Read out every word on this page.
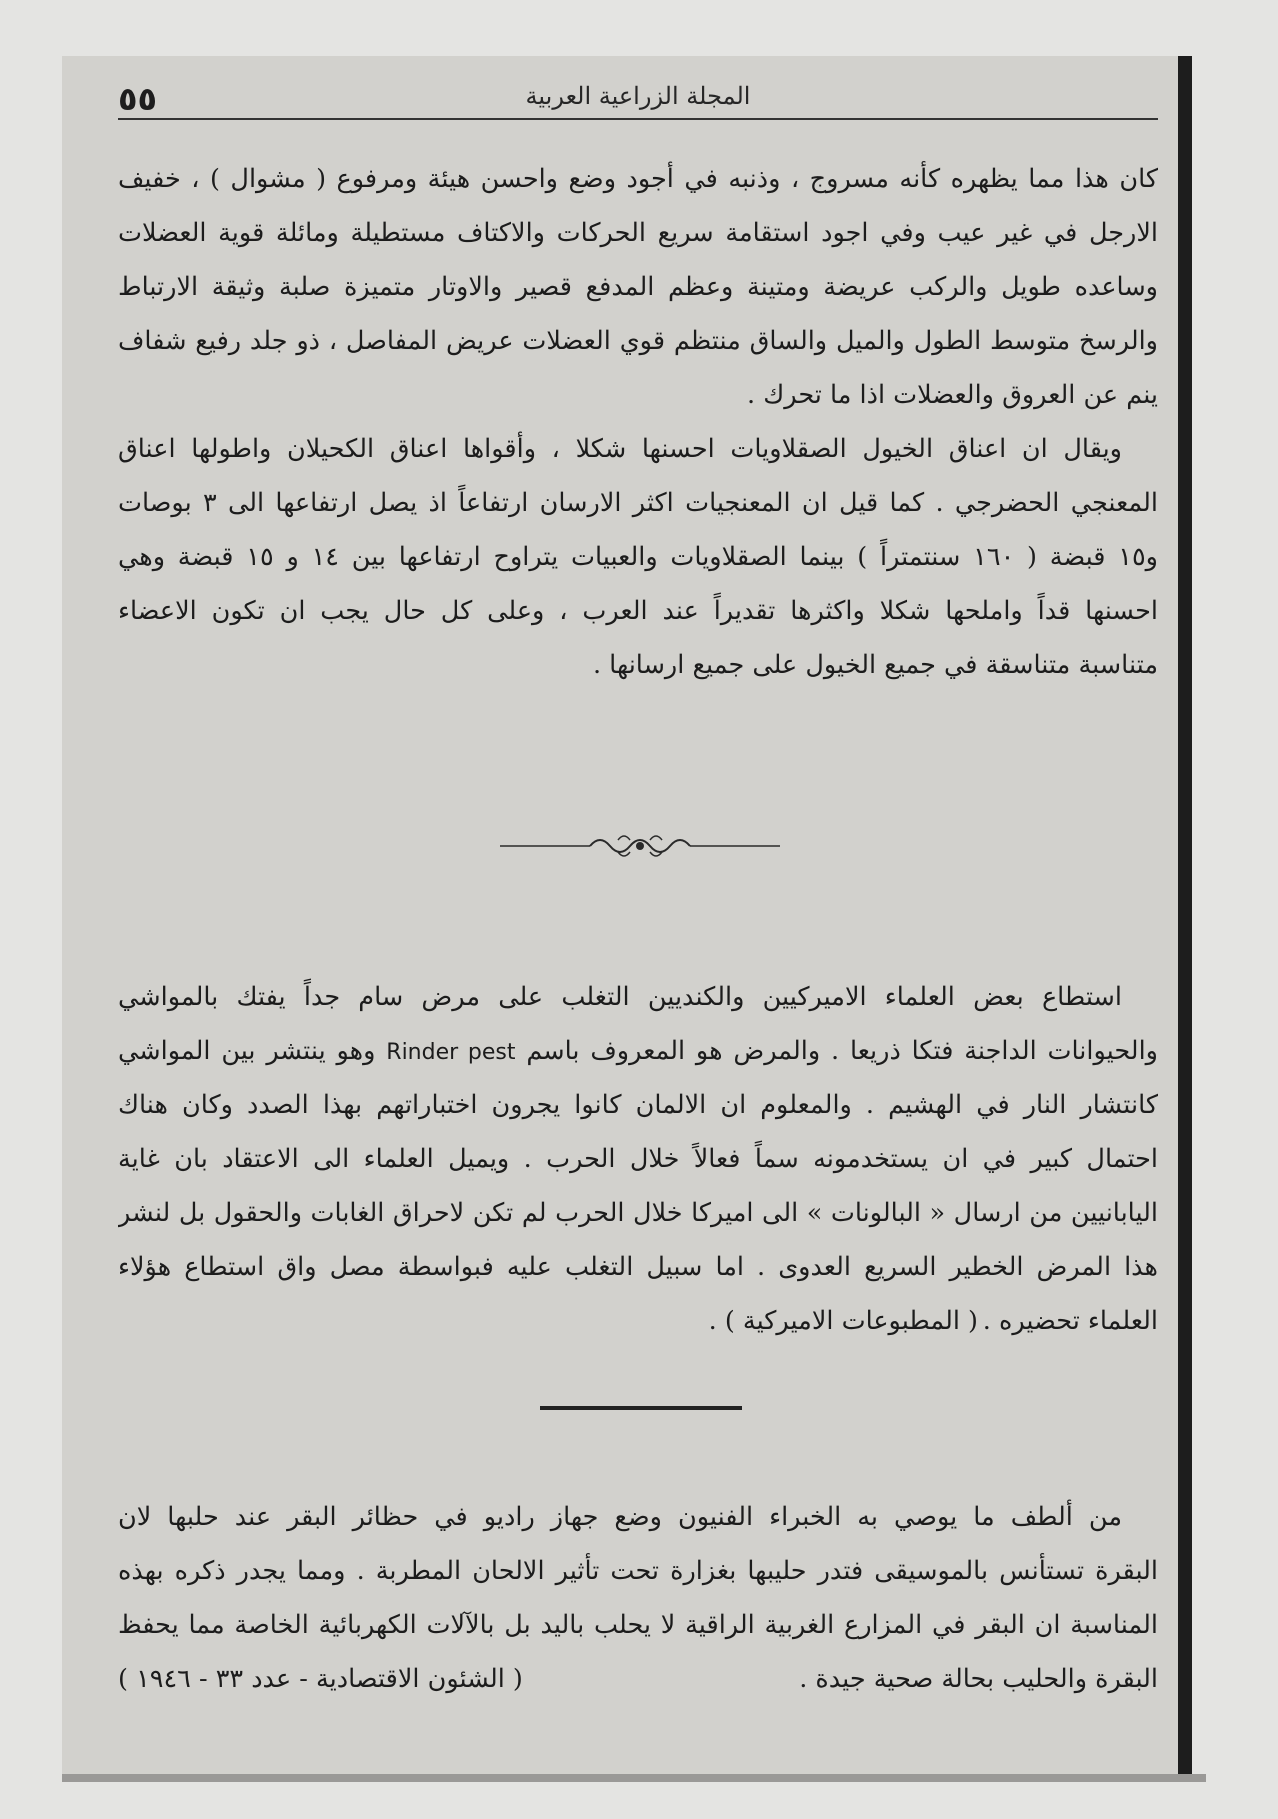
٥٥	المجلة الزراعية العربية
كان هذا مما يظهره كأنه مسروج ، وذنبه في أجود وضع واحسن هيئة ومرفوع ( مشوال ) ، خفيف
الارجل في غير عيب وفي اجود استقامة سريع الحركات والاكتاف مستطيلة ومائلة قوية العضلات
وساعده طويل والركب عريضة ومتينة وعظم المدفع قصير والاوتار متميزة صلبة وثيقة الارتباط
والرسخ متوسط الطول والميل والساق منتظم قوي العضلات عريض المفاصل ، ذو جلد رفيع شفاف
ينم عن العروق والعضلات اذا ما تحرك .
ويقال ان اعناق الخيول الصقلاويات احسنها شكلا ، وأقواها اعناق الكحيلان واطولها اعناق
المعنجي الحضرجي . كما قيل ان المعنجيات اكثر الارسان ارتفاعاً اذ يصل ارتفاعها الى ٣ بوصات
و١٥ قبضة ( ١٦٠ سنتمتراً ) بينما الصقلاويات والعبيات يتراوح ارتفاعها بين ١٤ و ١٥ قبضة وهي
احسنها قداً واملحها شكلا واكثرها تقديراً عند العرب ، وعلى كل حال يجب ان تكون الاعضاء
متناسبة متناسقة في جميع الخيول على جميع ارسانها .
استطاع بعض العلماء الاميركيين والكنديين التغلب على مرض سام جداً يفتك بالمواشي
والحيوانات الداجنة فتكا ذريعا . والمرض هو المعروف باسم Rinder pest وهو ينتشر بين المواشي
كانتشار النار في الهشيم . والمعلوم ان الالمان كانوا يجرون اختباراتهم بهذا الصدد وكان هناك
احتمال كبير في ان يستخدمونه سماً فعالاً خلال الحرب . ويميل العلماء الى الاعتقاد بان غاية
اليابانيين من ارسال « البالونات » الى اميركا خلال الحرب لم تكن لاحراق الغابات والحقول بل لنشر
هذا المرض الخطير السريع العدوى . اما سبيل التغلب عليه فبواسطة مصل واق استطاع هؤلاء
العلماء تحضيره .
( المطبوعات الاميركية ) .
من ألطف ما يوصي به الخبراء الفنيون وضع جهاز راديو في حظائر البقر عند حلبها لان
البقرة تستأنس بالموسيقى فتدر حليبها بغزارة تحت تأثير الالحان المطربة . ومما يجدر ذكره بهذه
المناسبة ان البقر في المزارع الغربية الراقية لا يحلب باليد بل بالآلات الكهربائية الخاصة مما يحفظ
البقرة والحليب بحالة صحية جيدة .
( الشئون الاقتصادية - عدد ٣٣ - ١٩٤٦ )
